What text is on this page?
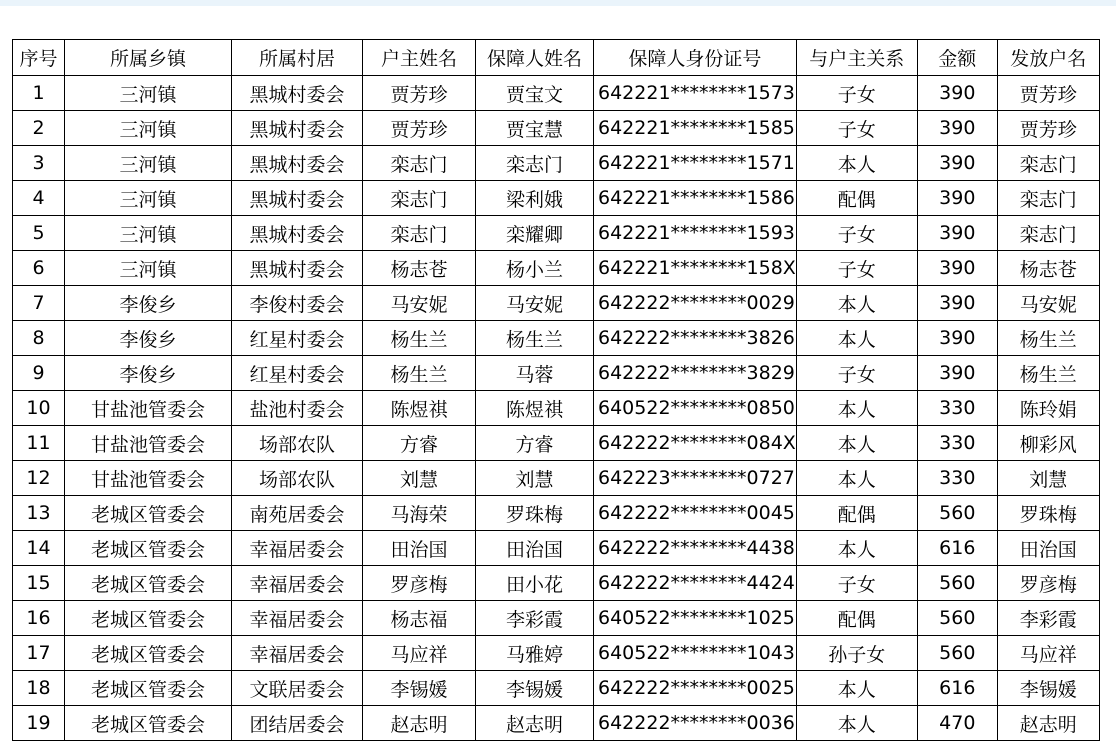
序号	所属乡镇	所属村居	户主姓名	保障人姓名	保障人身份证号	与户主关系	金额	发放户名
1	三河镇	黑城村委会	贾芳珍	贾宝文	642221********1573	子女	390	贾芳珍
2	三河镇	黑城村委会	贾芳珍	贾宝慧	642221********1585	子女	390	贾芳珍
3	三河镇	黑城村委会	栾志门	栾志门	642221********1571	本人	390	栾志门
4	三河镇	黑城村委会	栾志门	梁利娥	642221********1586	配偶	390	栾志门
5	三河镇	黑城村委会	栾志门	栾耀卿	642221********1593	子女	390	栾志门
6	三河镇	黑城村委会	杨志苍	杨小兰	642221********158X	子女	390	杨志苍
7	李俊乡	李俊村委会	马安妮	马安妮	642222********0029	本人	390	马安妮
8	李俊乡	红星村委会	杨生兰	杨生兰	642222********3826	本人	390	杨生兰
9	李俊乡	红星村委会	杨生兰	马蓉	642222********3829	子女	390	杨生兰
10	甘盐池管委会	盐池村委会	陈煜祺	陈煜祺	640522********0850	本人	330	陈玲娟
11	甘盐池管委会	场部农队	方睿	方睿	642222********084X	本人	330	柳彩风
12	甘盐池管委会	场部农队	刘慧	刘慧	642223********0727	本人	330	刘慧
13	老城区管委会	南苑居委会	马海荣	罗珠梅	642222********0045	配偶	560	罗珠梅
14	老城区管委会	幸福居委会	田治国	田治国	642222********4438	本人	616	田治国
15	老城区管委会	幸福居委会	罗彦梅	田小花	642222********4424	子女	560	罗彦梅
16	老城区管委会	幸福居委会	杨志福	李彩霞	640522********1025	配偶	560	李彩霞
17	老城区管委会	幸福居委会	马应祥	马雅婷	640522********1043	孙子女	560	马应祥
18	老城区管委会	文联居委会	李锡媛	李锡媛	642222********0025	本人	616	李锡媛
19	老城区管委会	团结居委会	赵志明	赵志明	642222********0036	本人	470	赵志明
